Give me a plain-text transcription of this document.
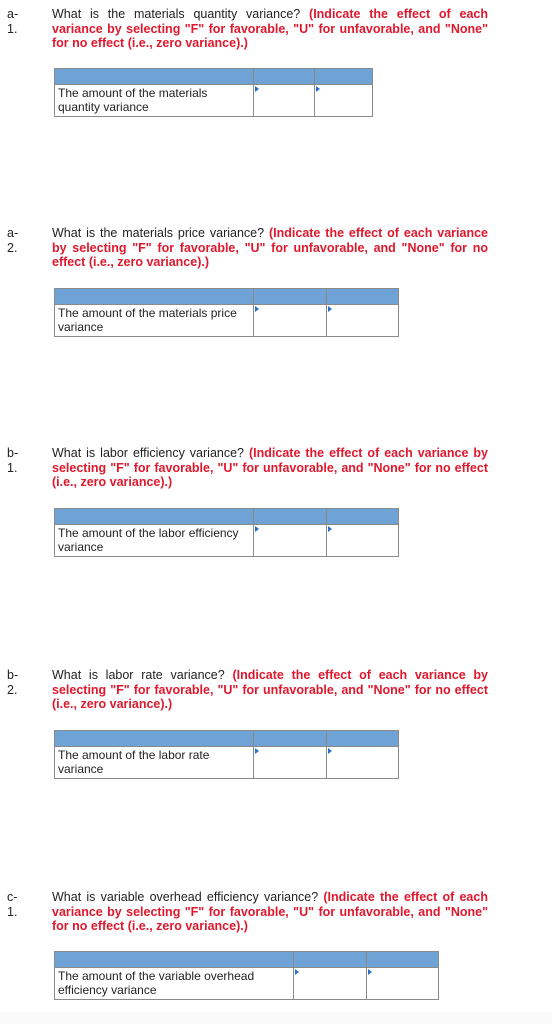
a-
1.
What is the materials quantity variance? (Indicate the effect of each variance by selecting "F" for favorable, "U" for unfavorable, and "None" for no effect (i.e., zero variance).)

The amount of the materials quantity variance		

a-
2.
What is the materials price variance? (Indicate the effect of each variance by selecting "F" for favorable, "U" for unfavorable, and "None" for no effect (i.e., zero variance).)

The amount of the materials price variance		

b-
1.
What is labor efficiency variance? (Indicate the effect of each variance by selecting "F" for favorable, "U" for unfavorable, and "None" for no effect (i.e., zero variance).)

The amount of the labor efficiency variance		

b-
2.
What is labor rate variance? (Indicate the effect of each variance by selecting "F" for favorable, "U" for unfavorable, and "None" for no effect (i.e., zero variance).)

The amount of the labor rate variance		

c-
1.
What is variable overhead efficiency variance? (Indicate the effect of each variance by selecting "F" for favorable, "U" for unfavorable, and "None" for no effect (i.e., zero variance).)

The amount of the variable overhead efficiency variance		
